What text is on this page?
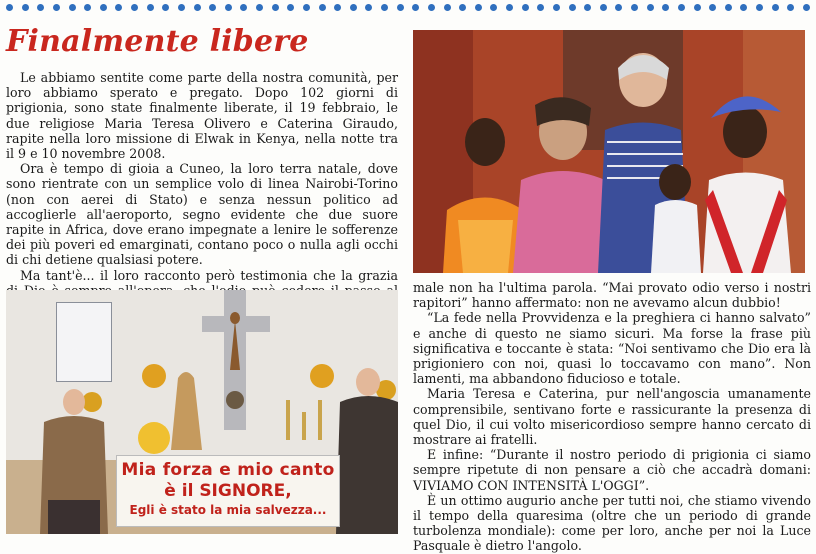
Finalmente libere

Le abbiamo sentite come parte della nostra comunità, per loro abbiamo sperato e pregato. Dopo 102 giorni di prigionia, sono state finalmente liberate, il 19 febbraio, le due religiose Maria Teresa Olivero e Caterina Giraudo, rapite nella loro missione di Elwak in Kenya, nella notte tra il 9 e 10 novembre 2008.

Ora è tempo di gioia a Cuneo, la loro terra natale, dove sono rientrate con un semplice volo di linea Nairobi-Torino (non con aerei di Stato) e senza nessun politico ad accoglierle all'aeroporto, segno evidente che due suore rapite in Africa, dove erano impegnate a lenire le sofferenze dei più poveri ed emarginati, contano poco o nulla agli occhi di chi detiene qualsiasi potere.

Ma tant'è... il loro racconto però testimonia che la grazia

Mia forza e mio canto
è il SIGNORE,
Egli è stato la mia salvezza...

male non ha l'ultima parola. “Mai provato odio verso i nostri rapitori” hanno affermato: non ne avevamo alcun dubbio!

“La fede nella Provvidenza e la preghiera ci hanno salvato” e anche di questo ne siamo sicuri. Ma forse la frase più significativa e toccante è stata: “Noi sentivamo che Dio era là prigioniero con noi, quasi lo toccavamo con mano”. Non lamenti, ma abbandono fiducioso e totale.

Maria Teresa e Caterina, pur nell'angoscia umanamente comprensibile, sentivano forte e rassicurante la presenza di quel Dio, il cui volto misericordioso sempre hanno cercato di mostrare ai fratelli.

E infine: “Durante il nostro periodo di prigionia ci siamo sempre ripetute di non pensare a ciò che accadrà domani: VIVIAMO CON INTENSITÀ L'OGGI”.

È un ottimo augurio anche per tutti noi, che stiamo vivendo il tempo della quaresima (oltre che un periodo di grande turbolenza mondiale): come per loro, anche per noi la Luce Pasquale è dietro l'angolo.
